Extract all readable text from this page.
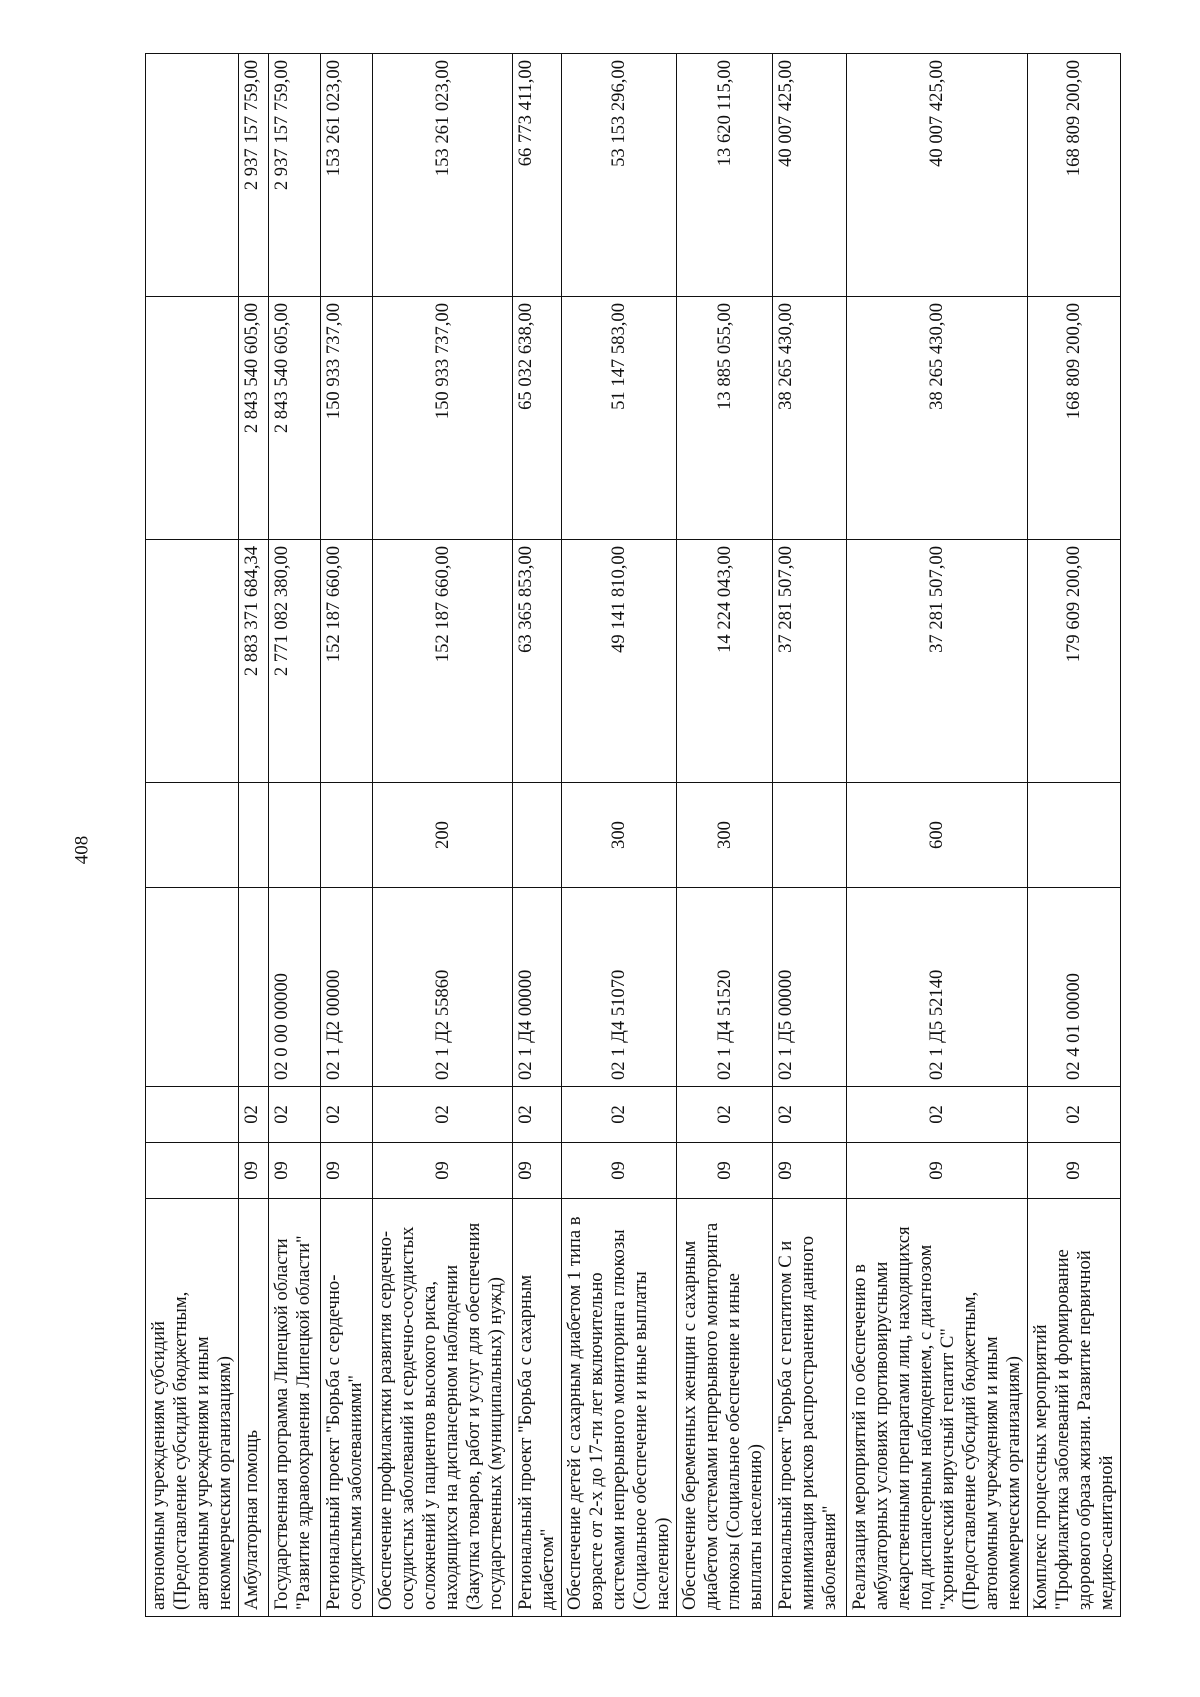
408
автономным учреждениям субсидий (Предоставление субсидий бюджетным, автономным учреждениям и иным некоммерческим организациям)							
Амбулаторная помощь	09	02			2 883 371 684,34	2 843 540 605,00	2 937 157 759,00
Государственная программа Липецкой области "Развитие здравоохранения Липецкой области"	09	02	02 0 00 00000		2 771 082 380,00	2 843 540 605,00	2 937 157 759,00
Региональный проект "Борьба с сердечно-сосудистыми заболеваниями"	09	02	02 1 Д2 00000		152 187 660,00	150 933 737,00	153 261 023,00
Обеспечение профилактики развития сердечно-сосудистых заболеваний и сердечно-сосудистых осложнений у пациентов высокого риска, находящихся на диспансерном наблюдении (Закупка товаров, работ и услуг для обеспечения государственных (муниципальных) нужд)	09	02	02 1 Д2 55860	200	152 187 660,00	150 933 737,00	153 261 023,00
Региональный проект "Борьба с сахарным диабетом"	09	02	02 1 Д4 00000		63 365 853,00	65 032 638,00	66 773 411,00
Обеспечение детей с сахарным диабетом 1 типа в возрасте от 2-х до 17-ти лет включительно системами непрерывного мониторинга глюкозы (Социальное обеспечение и иные выплаты населению)	09	02	02 1 Д4 51070	300	49 141 810,00	51 147 583,00	53 153 296,00
Обеспечение беременных женщин с сахарным диабетом системами непрерывного мониторинга глюкозы (Социальное обеспечение и иные выплаты населению)	09	02	02 1 Д4 51520	300	14 224 043,00	13 885 055,00	13 620 115,00
Региональный проект "Борьба с гепатитом С и минимизация рисков распространения данного заболевания"	09	02	02 1 Д5 00000		37 281 507,00	38 265 430,00	40 007 425,00
Реализация мероприятий по обеспечению в амбулаторных условиях противовирусными лекарственными препаратами лиц, находящихся под диспансерным наблюдением, с диагнозом "хронический вирусный гепатит С" (Предоставление субсидий бюджетным, автономным учреждениям и иным некоммерческим организациям)	09	02	02 1 Д5 52140	600	37 281 507,00	38 265 430,00	40 007 425,00
Комплекс процессных мероприятий "Профилактика заболеваний и формирование здорового образа жизни. Развитие первичной медико-санитарной	09	02	02 4 01 00000		179 609 200,00	168 809 200,00	168 809 200,00
